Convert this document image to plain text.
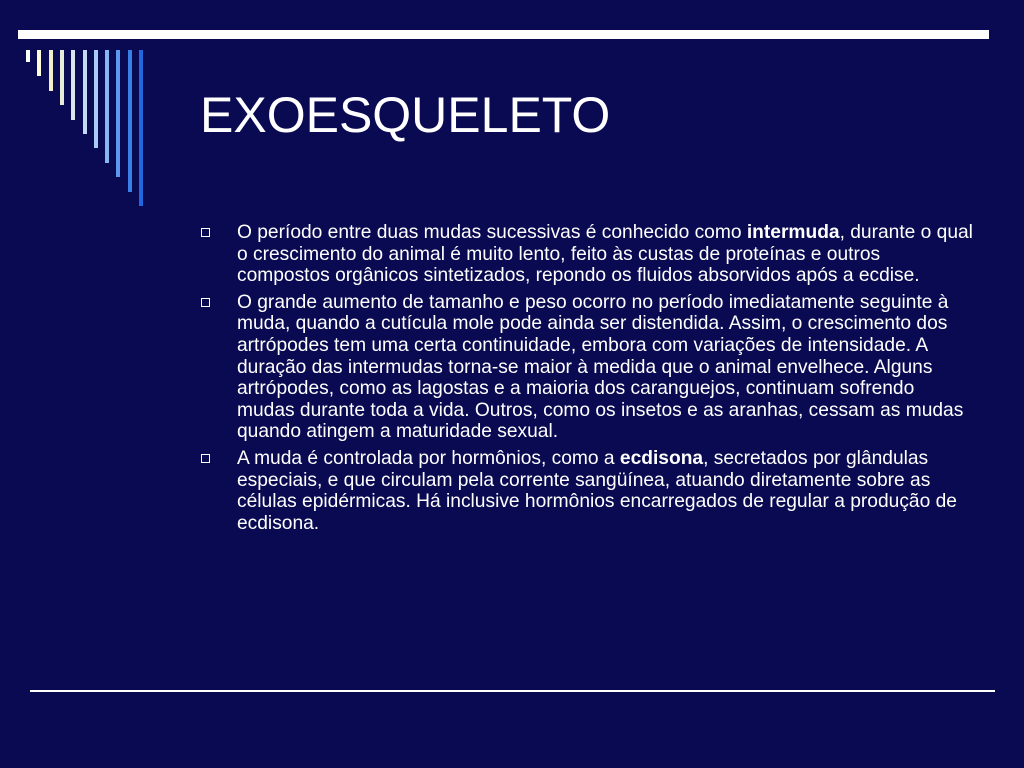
EXOESQUELETO
O período entre duas mudas sucessivas é conhecido como intermuda, durante o qual o crescimento do animal é muito lento, feito às custas de proteínas e outros compostos orgânicos sintetizados, repondo os fluidos absorvidos após a ecdise.
O grande aumento de tamanho e peso ocorro no período imediatamente seguinte à muda, quando a cutícula mole pode ainda ser distendida. Assim, o crescimento dos artrópodes tem uma certa continuidade, embora com variações de intensidade. A duração das intermudas torna-se maior à medida que o animal envelhece. Alguns artrópodes, como as lagostas e a maioria dos caranguejos, continuam sofrendo mudas durante toda a vida. Outros, como os insetos e as aranhas, cessam as mudas quando atingem a maturidade sexual.
A muda é controlada por hormônios, como a ecdisona, secretados por glândulas especiais, e que circulam pela corrente sangüínea, atuando diretamente sobre as células epidérmicas. Há inclusive hormônios encarregados de regular a produção de ecdisona.
